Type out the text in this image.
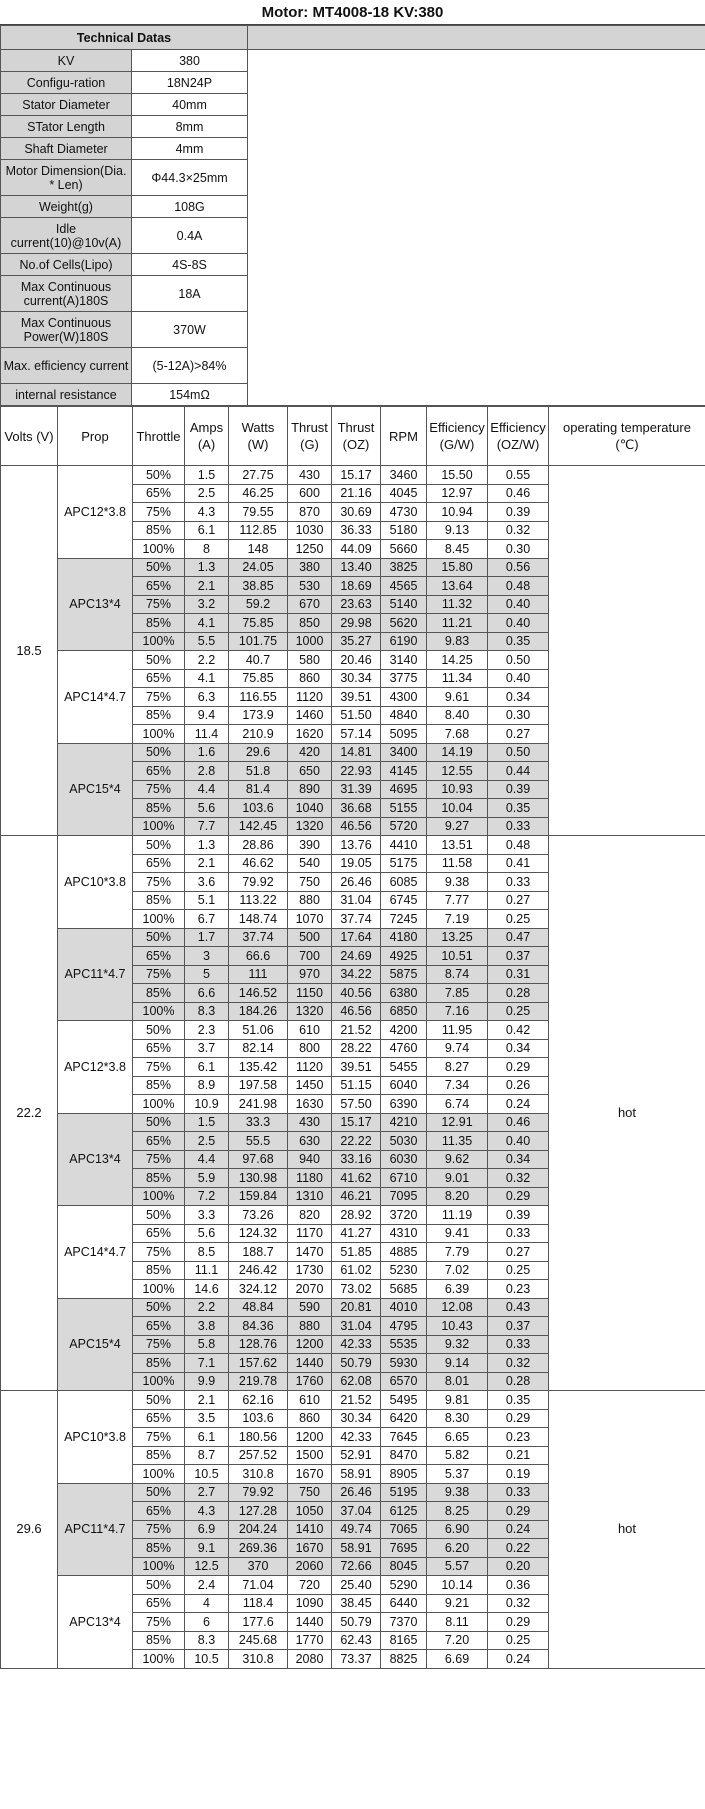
Motor: MT4008-18 KV:380
Technical Datas		
KV	380	
Configu-ration	18N24P	
Stator Diameter	40mm	
STator Length	8mm	
Shaft Diameter	4mm	
Motor Dimension(Dia. * Len)	Φ44.3×25mm	
Weight(g)	108G	
Idle current(10)@10v(A)	0.4A	
No.of Cells(Lipo)	4S-8S	
Max Continuous current(A)180S	18A	
Max Continuous Power(W)180S	370W	
Max. efficiency current	(5-12A)>84%	
internal resistance	154mΩ	
Volts (V)	Prop	Throttle	Amps (A)	Watts (W)	Thrust (G)	Thrust (OZ)	RPM	Efficiency (G/W)	Efficiency (OZ/W)	operating temperature (℃)
18.5	APC12*3.8	50%	1.5	27.75	430	15.17	3460	15.50	0.55	
		65%	2.5	46.25	600	21.16	4045	12.97	0.46	
		75%	4.3	79.55	870	30.69	4730	10.94	0.39	
		85%	6.1	112.85	1030	36.33	5180	9.13	0.32	
		100%	8	148	1250	44.09	5660	8.45	0.30	
	APC13*4	50%	1.3	24.05	380	13.40	3825	15.80	0.56	
		65%	2.1	38.85	530	18.69	4565	13.64	0.48	
		75%	3.2	59.2	670	23.63	5140	11.32	0.40	
		85%	4.1	75.85	850	29.98	5620	11.21	0.40	
		100%	5.5	101.75	1000	35.27	6190	9.83	0.35	
	APC14*4.7	50%	2.2	40.7	580	20.46	3140	14.25	0.50	
		65%	4.1	75.85	860	30.34	3775	11.34	0.40	
		75%	6.3	116.55	1120	39.51	4300	9.61	0.34	
		85%	9.4	173.9	1460	51.50	4840	8.40	0.30	
		100%	11.4	210.9	1620	57.14	5095	7.68	0.27	
	APC15*4	50%	1.6	29.6	420	14.81	3400	14.19	0.50	
		65%	2.8	51.8	650	22.93	4145	12.55	0.44	
		75%	4.4	81.4	890	31.39	4695	10.93	0.39	
		85%	5.6	103.6	1040	36.68	5155	10.04	0.35	
		100%	7.7	142.45	1320	46.56	5720	9.27	0.33	
22.2	APC10*3.8	50%	1.3	28.86	390	13.76	4410	13.51	0.48	hot
		65%	2.1	46.62	540	19.05	5175	11.58	0.41	
		75%	3.6	79.92	750	26.46	6085	9.38	0.33	
		85%	5.1	113.22	880	31.04	6745	7.77	0.27	
		100%	6.7	148.74	1070	37.74	7245	7.19	0.25	
	APC11*4.7	50%	1.7	37.74	500	17.64	4180	13.25	0.47	
		65%	3	66.6	700	24.69	4925	10.51	0.37	
		75%	5	111	970	34.22	5875	8.74	0.31	
		85%	6.6	146.52	1150	40.56	6380	7.85	0.28	
		100%	8.3	184.26	1320	46.56	6850	7.16	0.25	
	APC12*3.8	50%	2.3	51.06	610	21.52	4200	11.95	0.42	
		65%	3.7	82.14	800	28.22	4760	9.74	0.34	
		75%	6.1	135.42	1120	39.51	5455	8.27	0.29	
		85%	8.9	197.58	1450	51.15	6040	7.34	0.26	
		100%	10.9	241.98	1630	57.50	6390	6.74	0.24	
	APC13*4	50%	1.5	33.3	430	15.17	4210	12.91	0.46	
		65%	2.5	55.5	630	22.22	5030	11.35	0.40	
		75%	4.4	97.68	940	33.16	6030	9.62	0.34	
		85%	5.9	130.98	1180	41.62	6710	9.01	0.32	
		100%	7.2	159.84	1310	46.21	7095	8.20	0.29	
	APC14*4.7	50%	3.3	73.26	820	28.92	3720	11.19	0.39	
		65%	5.6	124.32	1170	41.27	4310	9.41	0.33	
		75%	8.5	188.7	1470	51.85	4885	7.79	0.27	
		85%	11.1	246.42	1730	61.02	5230	7.02	0.25	
		100%	14.6	324.12	2070	73.02	5685	6.39	0.23	
	APC15*4	50%	2.2	48.84	590	20.81	4010	12.08	0.43	
		65%	3.8	84.36	880	31.04	4795	10.43	0.37	
		75%	5.8	128.76	1200	42.33	5535	9.32	0.33	
		85%	7.1	157.62	1440	50.79	5930	9.14	0.32	
		100%	9.9	219.78	1760	62.08	6570	8.01	0.28	
29.6	APC10*3.8	50%	2.1	62.16	610	21.52	5495	9.81	0.35	hot
		65%	3.5	103.6	860	30.34	6420	8.30	0.29	
		75%	6.1	180.56	1200	42.33	7645	6.65	0.23	
		85%	8.7	257.52	1500	52.91	8470	5.82	0.21	
		100%	10.5	310.8	1670	58.91	8905	5.37	0.19	
	APC11*4.7	50%	2.7	79.92	750	26.46	5195	9.38	0.33	
		65%	4.3	127.28	1050	37.04	6125	8.25	0.29	
		75%	6.9	204.24	1410	49.74	7065	6.90	0.24	
		85%	9.1	269.36	1670	58.91	7695	6.20	0.22	
		100%	12.5	370	2060	72.66	8045	5.57	0.20	
	APC13*4	50%	2.4	71.04	720	25.40	5290	10.14	0.36	
		65%	4	118.4	1090	38.45	6440	9.21	0.32	
		75%	6	177.6	1440	50.79	7370	8.11	0.29	
		85%	8.3	245.68	1770	62.43	8165	7.20	0.25	
		100%	10.5	310.8	2080	73.37	8825	6.69	0.24	
